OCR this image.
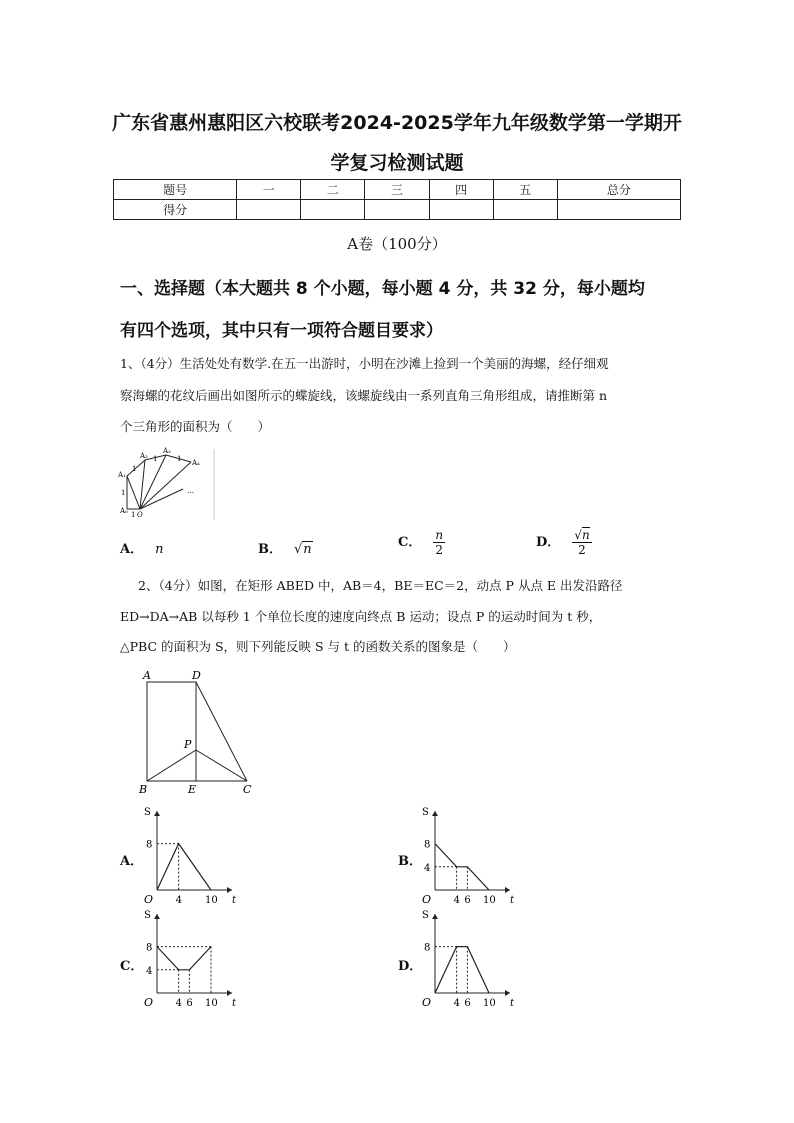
广东省惠州惠阳区六校联考2024-2025学年九年级数学第一学期开
学复习检测试题
题号	一	二	三	四	五	总分
得分						
A卷（100分）
一、选择题（本大题共 8 个小题，每小题 4 分，共 32 分，每小题均
有四个选项，其中只有一项符合题目要求）
1、（4分）生活处处有数学.在五一出游时，小明在沙滩上捡到一个美丽的海螺，经仔细观
察海螺的花纹后画出如图所示的蝶旋线，该螺旋线由一系列直角三角形组成，请推断第 n
个三角形的面积为（　　）
A₀
A₁
A₂
A₃
A₄
O
1
1
1
1	1
…
A． n	B． √n	C． $\frac{n}{2}$	D． $\frac{√n}{2}$
2、（4分）如图，在矩形 ABED 中，AB＝4，BE＝EC＝2，动点 P 从点 E 出发沿路径
ED→DA→AB 以每秒 1 个单位长度的速度向终点 B 运动；设点 P 的运动时间为 t 秒，
△PBC 的面积为 S，则下列能反映 S 与 t 的函数关系的图象是（　　）
A	D
P
B	E	C
A．	B．
C．	D．
S
t
O
8
4 10
S
t
O
8
4
4 6 10
S
t
O
8
4
4 6 10
S
t
O
8
4 6 10
